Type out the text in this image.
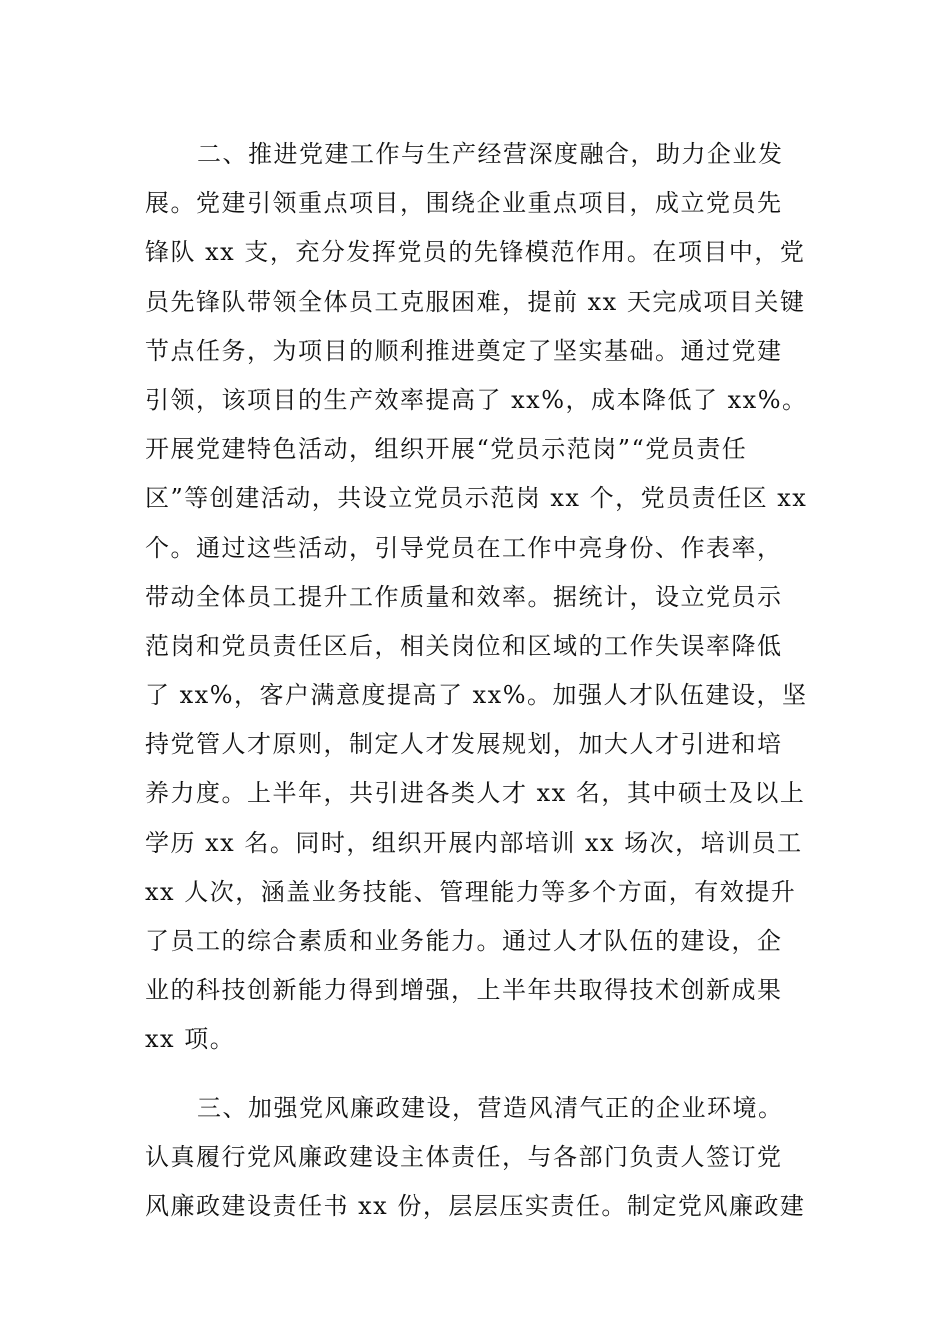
二、推进党建工作与生产经营深度融合，助力企业发
展。党建引领重点项目，围绕企业重点项目，成立党员先
锋队 xx 支，充分发挥党员的先锋模范作用。在项目中，党
员先锋队带领全体员工克服困难，提前 xx 天完成项目关键
节点任务，为项目的顺利推进奠定了坚实基础。通过党建
引领，该项目的生产效率提高了 xx%，成本降低了 xx%。
开展党建特色活动，组织开展“党员示范岗”“党员责任
区”等创建活动，共设立党员示范岗 xx 个，党员责任区 xx
个。通过这些活动，引导党员在工作中亮身份、作表率，
带动全体员工提升工作质量和效率。据统计，设立党员示
范岗和党员责任区后，相关岗位和区域的工作失误率降低
了 xx%，客户满意度提高了 xx%。加强人才队伍建设，坚
持党管人才原则，制定人才发展规划，加大人才引进和培
养力度。上半年，共引进各类人才 xx 名，其中硕士及以上
学历 xx 名。同时，组织开展内部培训 xx 场次，培训员工
xx 人次，涵盖业务技能、管理能力等多个方面，有效提升
了员工的综合素质和业务能力。通过人才队伍的建设，企
业的科技创新能力得到增强，上半年共取得技术创新成果
xx 项。
三、加强党风廉政建设，营造风清气正的企业环境。
认真履行党风廉政建设主体责任，与各部门负责人签订党
风廉政建设责任书 xx 份，层层压实责任。制定党风廉政建
